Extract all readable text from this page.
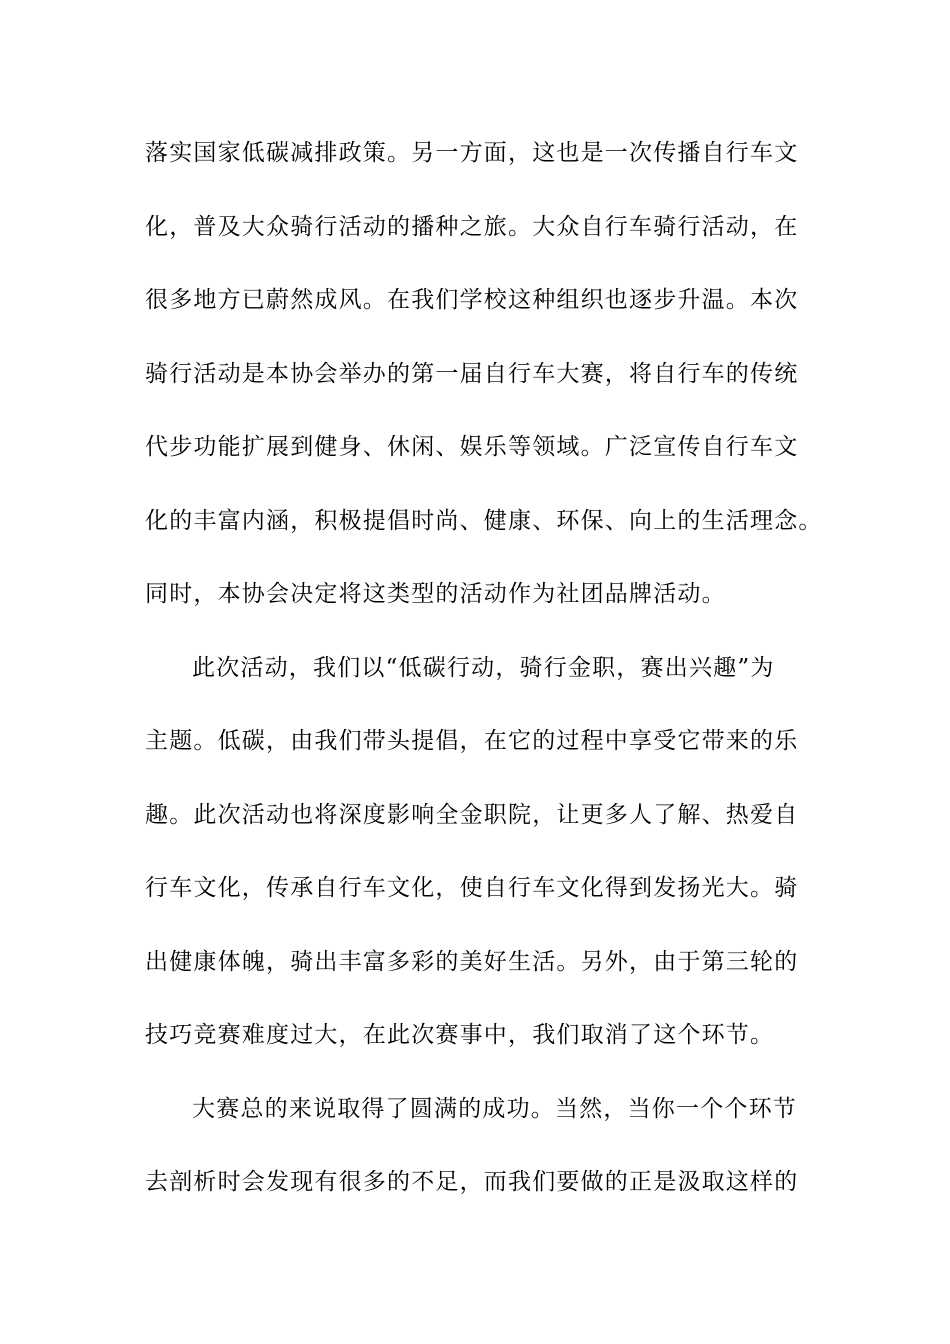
落实国家低碳减排政策。另一方面，这也是一次传播自行车文
化，普及大众骑行活动的播种之旅。大众自行车骑行活动，在
很多地方已蔚然成风。在我们学校这种组织也逐步升温。本次
骑行活动是本协会举办的第一届自行车大赛，将自行车的传统
代步功能扩展到健身、休闲、娱乐等领域。广泛宣传自行车文
化的丰富内涵，积极提倡时尚、健康、环保、向上的生活理念。
同时，本协会决定将这类型的活动作为社团品牌活动。
此次活动，我们以“低碳行动，骑行金职，赛出兴趣”为
主题。低碳，由我们带头提倡，在它的过程中享受它带来的乐
趣。此次活动也将深度影响全金职院，让更多人了解、热爱自
行车文化，传承自行车文化，使自行车文化得到发扬光大。骑
出健康体魄，骑出丰富多彩的美好生活。另外，由于第三轮的
技巧竞赛难度过大，在此次赛事中，我们取消了这个环节。
大赛总的来说取得了圆满的成功。当然，当你一个个环节
去剖析时会发现有很多的不足，而我们要做的正是汲取这样的
